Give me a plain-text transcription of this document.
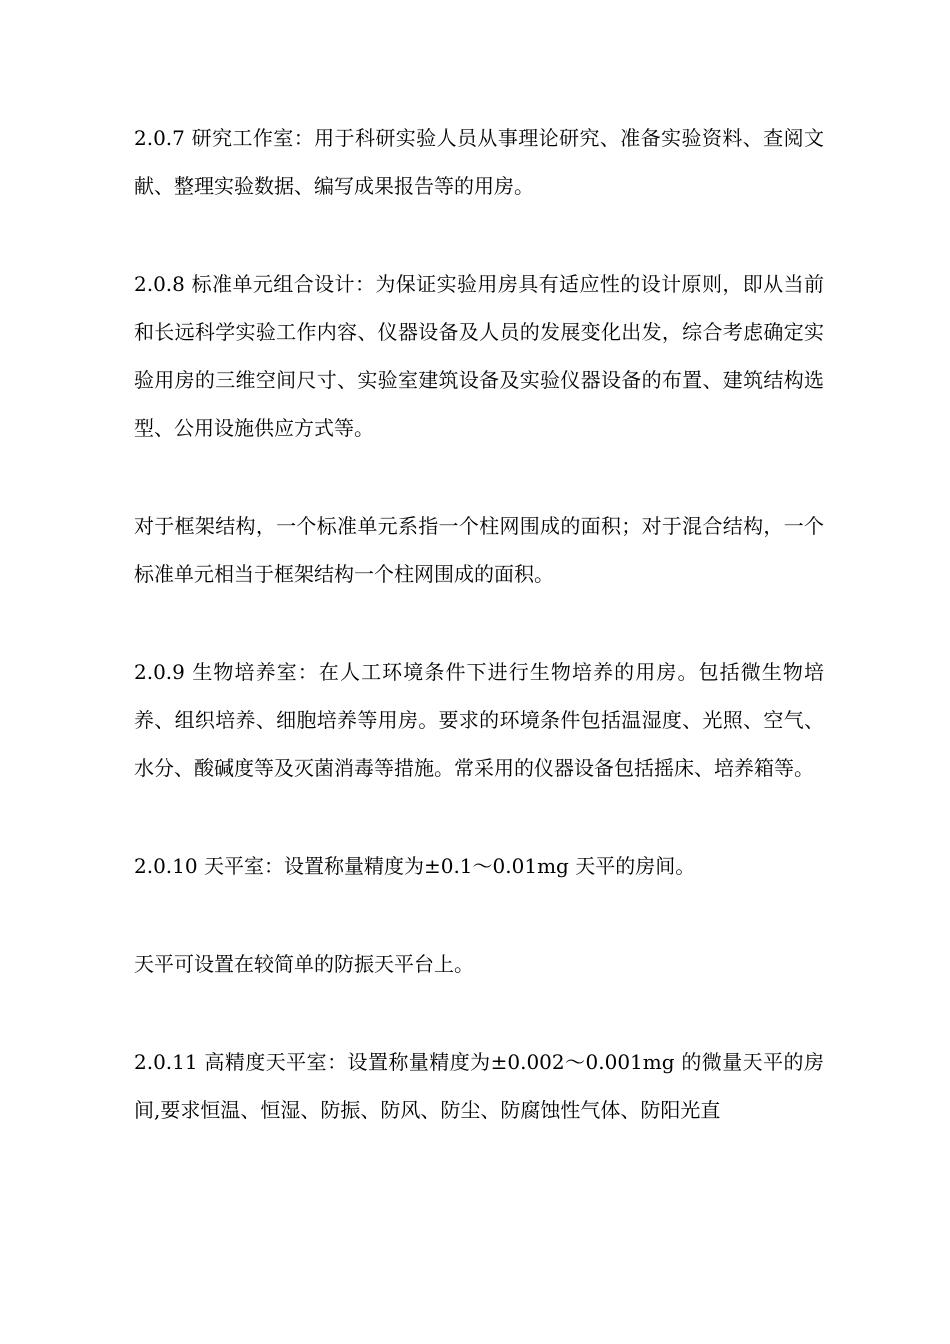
2.0.7 研究工作室：用于科研实验人员从事理论研究、准备实验资料、查阅文献、整理实验数据、编写成果报告等的用房。

2.0.8 标准单元组合设计：为保证实验用房具有适应性的设计原则，即从当前和长远科学实验工作内容、仪器设备及人员的发展变化出发，综合考虑确定实验用房的三维空间尺寸、实验室建筑设备及实验仪器设备的布置、建筑结构选型、公用设施供应方式等。

对于框架结构，一个标准单元系指一个柱网围成的面积；对于混合结构，一个标准单元相当于框架结构一个柱网围成的面积。

2.0.9 生物培养室：在人工环境条件下进行生物培养的用房。包括微生物培养、组织培养、细胞培养等用房。要求的环境条件包括温湿度、光照、空气、水分、酸碱度等及灭菌消毒等措施。常采用的仪器设备包括摇床、培养箱等。

2.0.10 天平室：设置称量精度为±0.1～0.01mg 天平的房间。

天平可设置在较简单的防振天平台上。

2.0.11 高精度天平室：设置称量精度为±0.002～0.001mg 的微量天平的房间,要求恒温、恒湿、防振、防风、防尘、防腐蚀性气体、防阳光直
